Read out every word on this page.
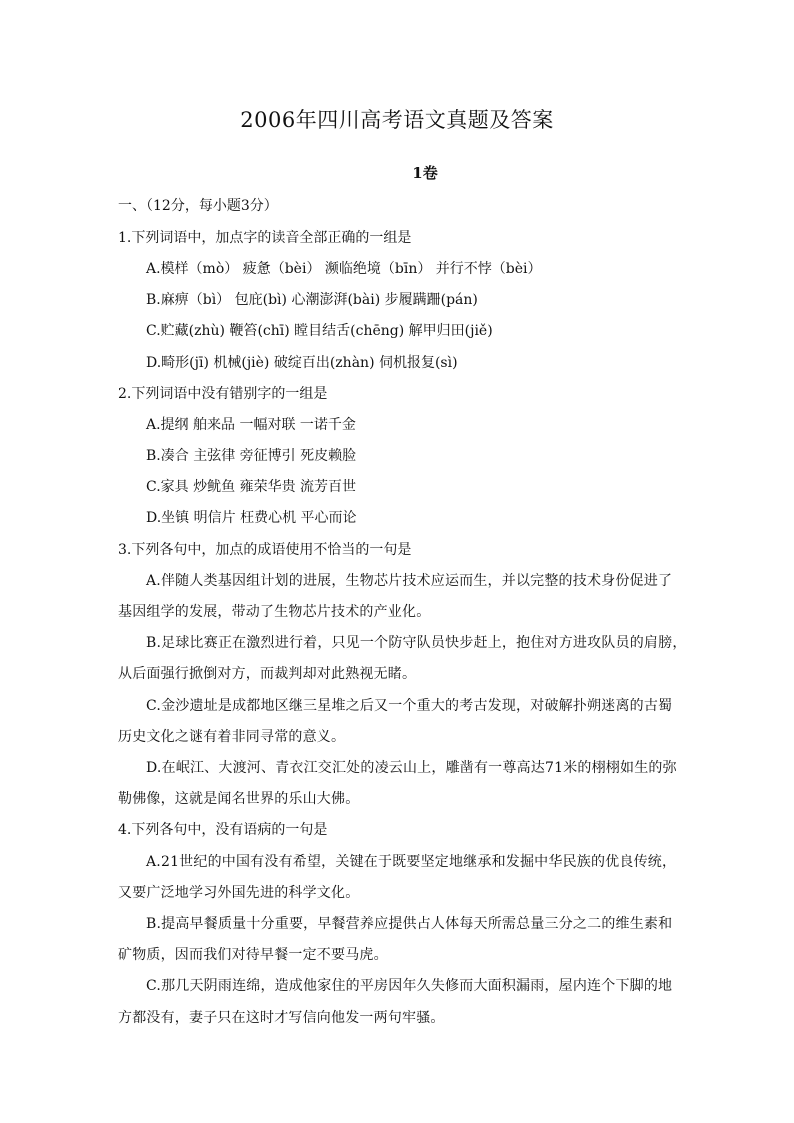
2006年四川高考语文真题及答案
1卷
一、（12分，每小题3分）
1.下列词语中，加点字的读音全部正确的一组是
A.模样（mò） 疲惫（bèi） 濒临绝境（bīn） 并行不悖（bèi）
B.麻痹（bì） 包庇(bì) 心潮澎湃(bài) 步履蹒跚(pán)
C.贮藏(zhù) 鞭笞(chī) 瞠目结舌(chēng) 解甲归田(jiě)
D.畸形(jī) 机械(jiè) 破绽百出(zhàn) 伺机报复(sì)
2.下列词语中没有错别字的一组是
A.提纲 舶来品 一幅对联 一诺千金
B.凑合 主弦律 旁征博引 死皮赖脸
C.家具 炒鱿鱼 雍荣华贵 流芳百世
D.坐镇 明信片 枉费心机 平心而论
3.下列各句中，加点的成语使用不恰当的一句是
A.伴随人类基因组计划的进展，生物芯片技术应运而生，并以完整的技术身份促进了
基因组学的发展，带动了生物芯片技术的产业化。
B.足球比赛正在激烈进行着，只见一个防守队员快步赶上，抱住对方进攻队员的肩膀，
从后面强行掀倒对方，而裁判却对此熟视无睹。
C.金沙遗址是成都地区继三星堆之后又一个重大的考古发现，对破解扑朔迷离的古蜀
历史文化之谜有着非同寻常的意义。
D.在岷江、大渡河、青衣江交汇处的凌云山上，雕凿有一尊高达71米的栩栩如生的弥
勒佛像，这就是闻名世界的乐山大佛。
4.下列各句中，没有语病的一句是
A.21世纪的中国有没有希望，关键在于既要坚定地继承和发掘中华民族的优良传统，
又要广泛地学习外国先进的科学文化。
B.提高早餐质量十分重要，早餐营养应提供占人体每天所需总量三分之二的维生素和
矿物质，因而我们对待早餐一定不要马虎。
C.那几天阴雨连绵，造成他家住的平房因年久失修而大面积漏雨，屋内连个下脚的地
方都没有，妻子只在这时才写信向他发一两句牢骚。
